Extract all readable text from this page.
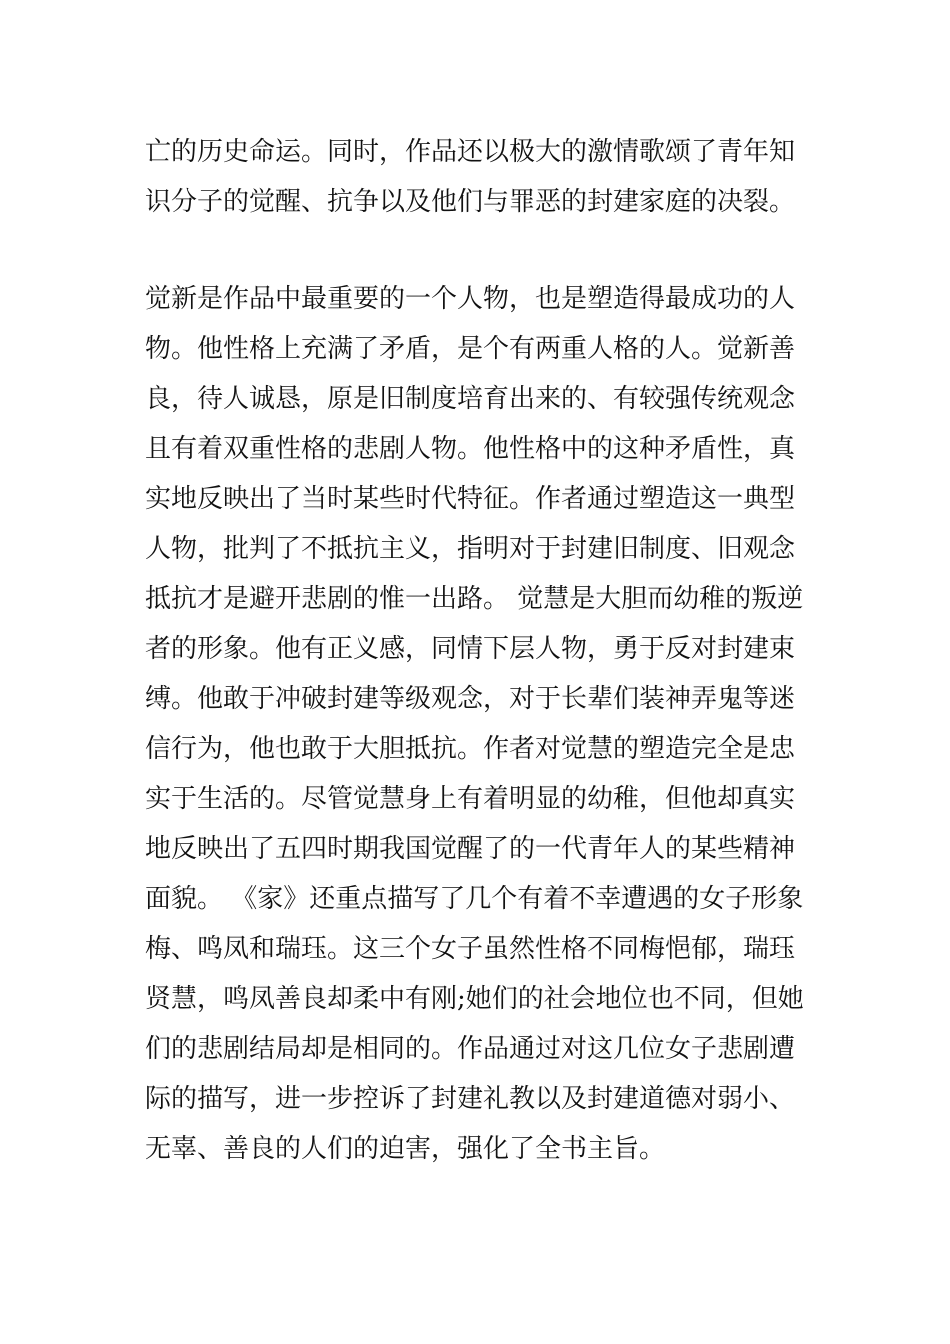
亡的历史命运。同时，作品还以极大的激情歌颂了青年知
识分子的觉醒、抗争以及他们与罪恶的封建家庭的决裂。
觉新是作品中最重要的一个人物，也是塑造得最成功的人
物。他性格上充满了矛盾，是个有两重人格的人。觉新善
良，待人诚恳，原是旧制度培育出来的、有较强传统观念
且有着双重性格的悲剧人物。他性格中的这种矛盾性，真
实地反映出了当时某些时代特征。作者通过塑造这一典型
人物，批判了不抵抗主义，指明对于封建旧制度、旧观念
抵抗才是避开悲剧的惟一出路。 觉慧是大胆而幼稚的叛逆
者的形象。他有正义感，同情下层人物，勇于反对封建束
缚。他敢于冲破封建等级观念，对于长辈们装神弄鬼等迷
信行为，他也敢于大胆抵抗。作者对觉慧的塑造完全是忠
实于生活的。尽管觉慧身上有着明显的幼稚，但他却真实
地反映出了五四时期我国觉醒了的一代青年人的某些精神
面貌。 《家》还重点描写了几个有着不幸遭遇的女子形象
梅、鸣凤和瑞珏。这三个女子虽然性格不同梅悒郁，瑞珏
贤慧，鸣凤善良却柔中有刚;她们的社会地位也不同，但她
们的悲剧结局却是相同的。作品通过对这几位女子悲剧遭
际的描写，进一步控诉了封建礼教以及封建道德对弱小、
无辜、善良的人们的迫害，强化了全书主旨。
